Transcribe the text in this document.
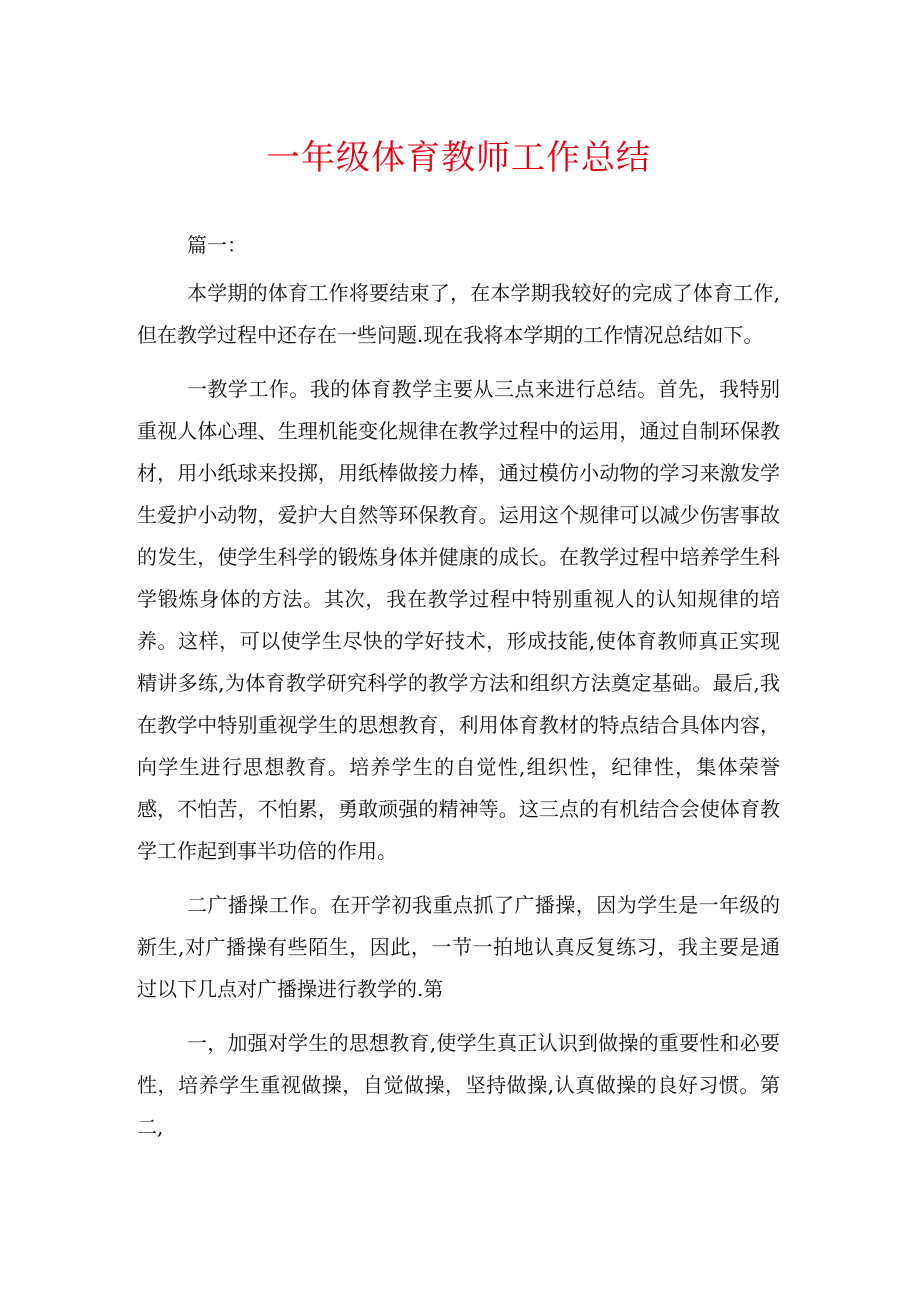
一年级体育教师工作总结

篇一：

本学期的体育工作将要结束了，在本学期我较好的完成了体育工作,但在教学过程中还存在一些问题.现在我将本学期的工作情况总结如下。

一教学工作。我的体育教学主要从三点来进行总结。首先，我特别重视人体心理、生理机能变化规律在教学过程中的运用，通过自制环保教材，用小纸球来投掷，用纸棒做接力棒，通过模仿小动物的学习来激发学生爱护小动物，爱护大自然等环保教育。运用这个规律可以减少伤害事故的发生，使学生科学的锻炼身体并健康的成长。在教学过程中培养学生科学锻炼身体的方法。其次，我在教学过程中特别重视人的认知规律的培养。这样，可以使学生尽快的学好技术，形成技能,使体育教师真正实现精讲多练,为体育教学研究科学的教学方法和组织方法奠定基础。最后,我在教学中特别重视学生的思想教育，利用体育教材的特点结合具体内容，向学生进行思想教育。培养学生的自觉性,组织性，纪律性，集体荣誉感，不怕苦，不怕累，勇敢顽强的精神等。这三点的有机结合会使体育教学工作起到事半功倍的作用。

二广播操工作。在开学初我重点抓了广播操，因为学生是一年级的新生,对广播操有些陌生，因此，一节一拍地认真反复练习，我主要是通过以下几点对广播操进行教学的.第

一，加强对学生的思想教育,使学生真正认识到做操的重要性和必要性，培养学生重视做操，自觉做操，坚持做操,认真做操的良好习惯。第二,
